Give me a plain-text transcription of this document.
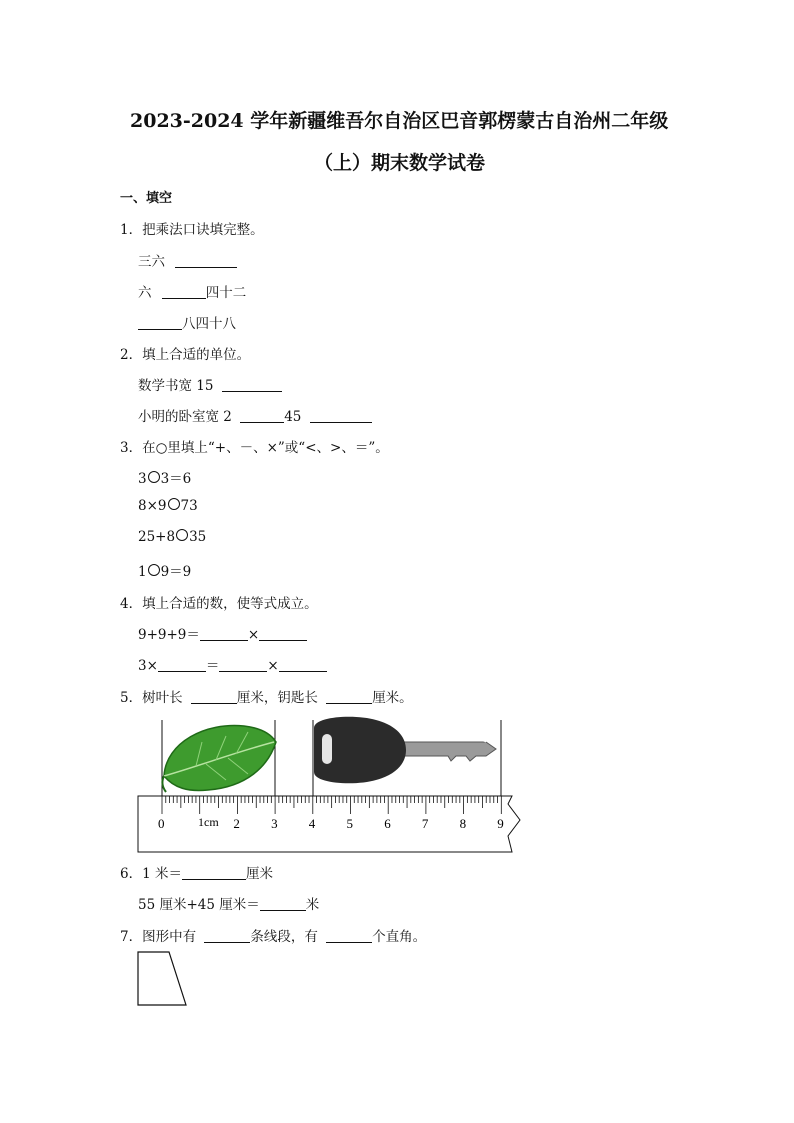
2023-2024 学年新疆维吾尔自治区巴音郭楞蒙古自治州二年级
（上）期末数学试卷
一、填空
1．把乘法口诀填完整。
三六
六	四十二
八四十八
2．填上合适的单位。
数学书宽 15
小明的卧室宽 2	45
3．在○里填上“+、－、×”或“<、>、＝”。
3 3＝6
8×9 73
25+8 35
1 9＝9
4．填上合适的数，使等式成立。
9+9+9＝	×
3×	＝	×
5．树叶长	厘米，钥匙长	厘米。
0	2 3 4 5 6 7 8 9
1cm
6．1 米＝	厘米
55 厘米+45 厘米＝	米
7．图形中有	条线段，有	个直角。
